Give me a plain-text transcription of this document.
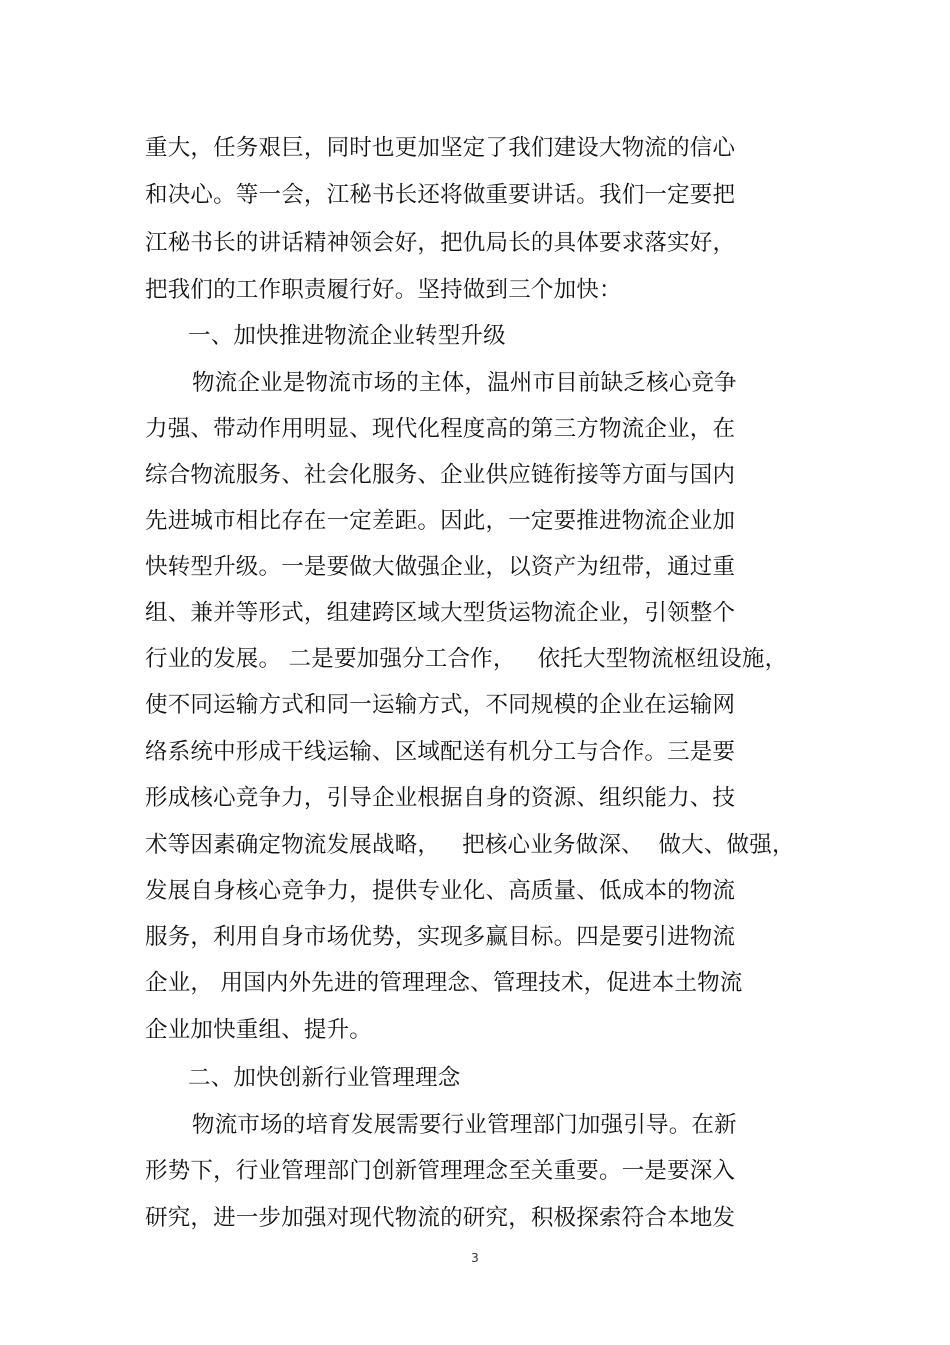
重大，任务艰巨，同时也更加坚定了我们建设大物流的信心
和决心。等一会，江秘书长还将做重要讲话。我们一定要把
江秘书长的讲话精神领会好，把仇局长的具体要求落实好，
把我们的工作职责履行好。坚持做到三个加快：
一、加快推进物流企业转型升级
物流企业是物流市场的主体，温州市目前缺乏核心竞争
力强、带动作用明显、现代化程度高的第三方物流企业，在
综合物流服务、社会化服务、企业供应链衔接等方面与国内
先进城市相比存在一定差距。因此，一定要推进物流企业加
快转型升级。一是要做大做强企业，以资产为纽带，通过重
组、兼并等形式，组建跨区域大型货运物流企业，引领整个
行业的发展。 二是要加强分工合作，   依托大型物流枢纽设施，
使不同运输方式和同一运输方式，不同规模的企业在运输网
络系统中形成干线运输、区域配送有机分工与合作。三是要
形成核心竞争力，引导企业根据自身的资源、组织能力、技
术等因素确定物流发展战略，   把核心业务做深、  做大、做强，
发展自身核心竞争力，提供专业化、高质量、低成本的物流
服务，利用自身市场优势，实现多赢目标。四是要引进物流
企业， 用国内外先进的管理理念、管理技术，促进本土物流
企业加快重组、提升。
二、加快创新行业管理理念
物流市场的培育发展需要行业管理部门加强引导。在新
形势下，行业管理部门创新管理理念至关重要。一是要深入
研究，进一步加强对现代物流的研究，积极探索符合本地发
3
